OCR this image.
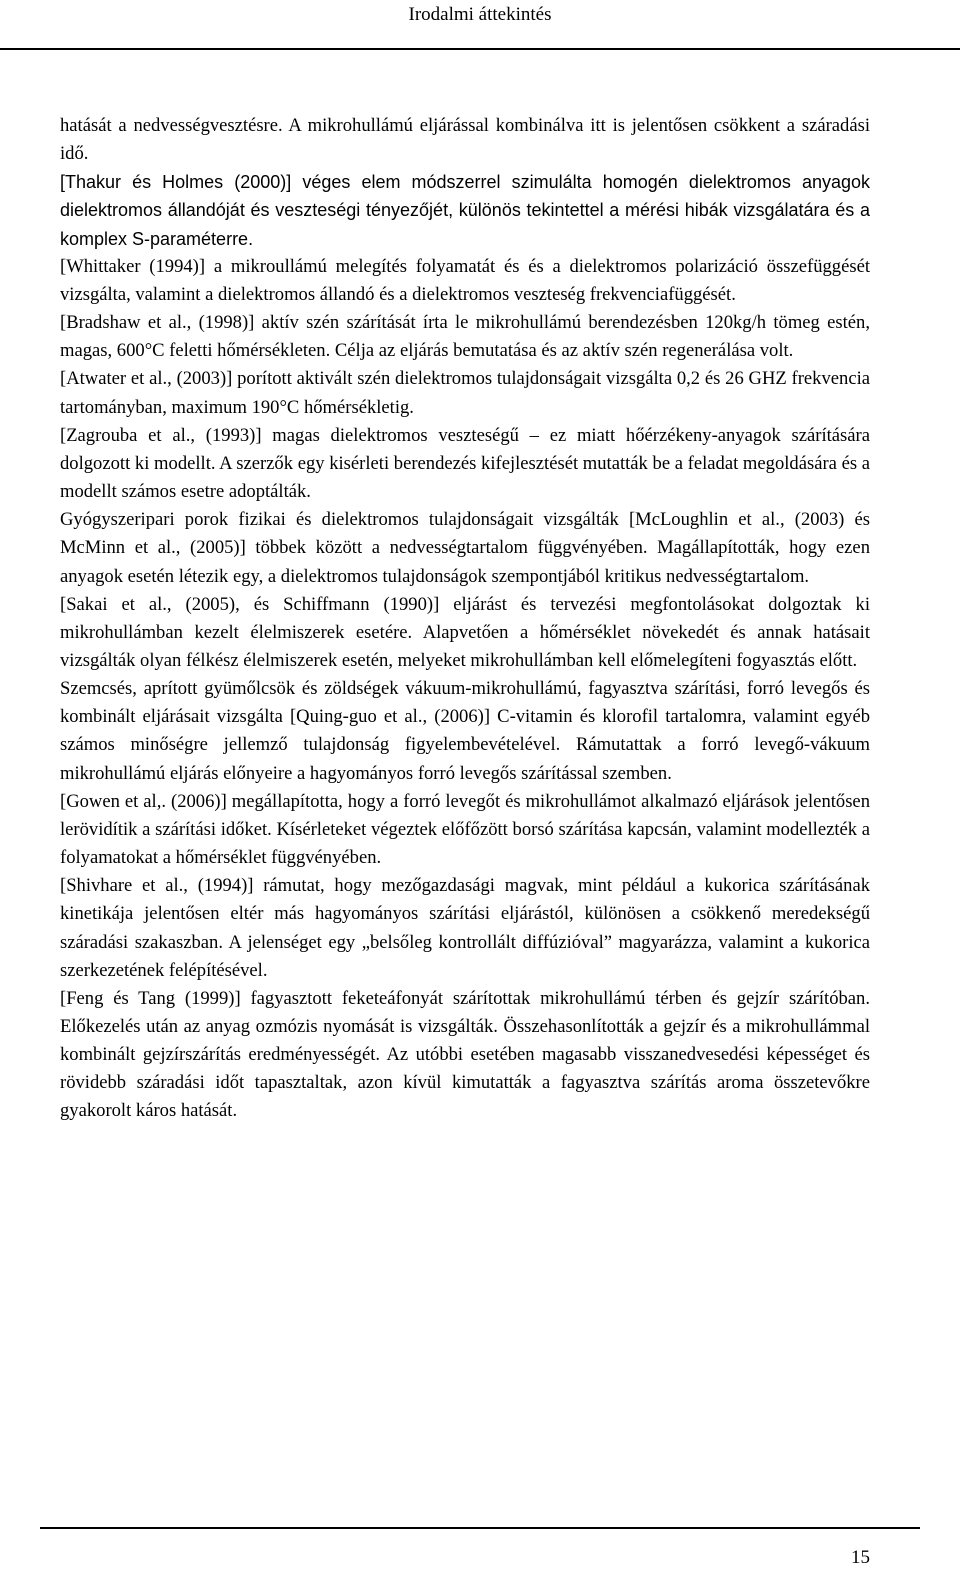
Irodalmi áttekintés

hatását a nedvességvesztésre. A mikrohullámú eljárással kombinálva itt is jelentősen csökkent a száradási idő.

[Thakur és Holmes (2000)] véges elem módszerrel szimulálta homogén dielektromos anyagok dielektromos állandóját és veszteségi tényezőjét, különös tekintettel a mérési hibák vizsgálatára és a komplex S-paraméterre.

[Whittaker (1994)] a mikroullámú melegítés folyamatát és és a dielektromos polarizáció összefüggését vizsgálta, valamint a dielektromos állandó és a dielektromos veszteség frekvenciafüggését.

[Bradshaw et al., (1998)] aktív szén szárítását írta le mikrohullámú berendezésben 120kg/h tömeg estén, magas, 600°C feletti hőmérsékleten. Célja az eljárás bemutatása és az aktív szén regenerálása volt.

[Atwater et al., (2003)] porított aktivált szén dielektromos tulajdonságait vizsgálta 0,2 és 26 GHZ frekvencia tartományban, maximum 190°C hőmérsékletig.

[Zagrouba et al., (1993)] magas dielektromos veszteségű – ez miatt hőérzékeny-anyagok szárítására dolgozott ki modellt. A szerzők egy kisérleti berendezés kifejlesztését mutatták be a feladat megoldására és a modellt számos esetre adoptálták.

Gyógyszeripari porok fizikai és dielektromos tulajdonságait vizsgálták [McLoughlin et al., (2003) és McMinn et al., (2005)] többek között a nedvességtartalom függvényében. Magállapították, hogy ezen anyagok esetén létezik egy, a dielektromos tulajdonságok szempontjából kritikus nedvességtartalom.

[Sakai et al., (2005), és Schiffmann (1990)] eljárást és tervezési megfontolásokat dolgoztak ki mikrohullámban kezelt élelmiszerek esetére. Alapvetően a hőmérséklet növekedét és annak hatásait vizsgálták olyan félkész élelmiszerek esetén, melyeket mikrohullámban kell előmelegíteni fogyasztás előtt.

Szemcsés, aprított gyümőlcsök és zöldségek vákuum-mikrohullámú, fagyasztva szárítási, forró levegős és kombinált eljárásait vizsgálta [Quing-guo et al., (2006)] C-vitamin és klorofil tartalomra, valamint egyéb számos minőségre jellemző tulajdonság figyelembevételével. Rámutattak a forró levegő-vákuum mikrohullámú eljárás előnyeire a hagyományos forró levegős szárítással szemben.

[Gowen et al,. (2006)] megállapította, hogy a forró levegőt és mikrohullámot alkalmazó eljárások jelentősen lerövidítik a szárítási időket. Kísérleteket végeztek előfőzött borsó szárítása kapcsán, valamint modellezték a folyamatokat a hőmérséklet függvényében.

[Shivhare et al., (1994)] rámutat, hogy mezőgazdasági magvak, mint például a kukorica szárításának kinetikája jelentősen eltér más hagyományos szárítási eljárástól, különösen a csökkenő meredekségű száradási szakaszban. A jelenséget egy „belsőleg kontrollált diffúzióval” magyarázza, valamint a kukorica szerkezetének felépítésével.

[Feng és Tang (1999)] fagyasztott feketeáfonyát szárítottak mikrohullámú térben és gejzír szárítóban. Előkezelés után az anyag ozmózis nyomását is vizsgálták. Összehasonlították a gejzír és a mikrohullámmal kombinált gejzírszárítás eredményességét. Az utóbbi esetében magasabb visszanedvesedési képességet és rövidebb száradási időt tapasztaltak, azon kívül kimutatták a fagyasztva szárítás aroma összetevőkre gyakorolt káros hatását.

15
